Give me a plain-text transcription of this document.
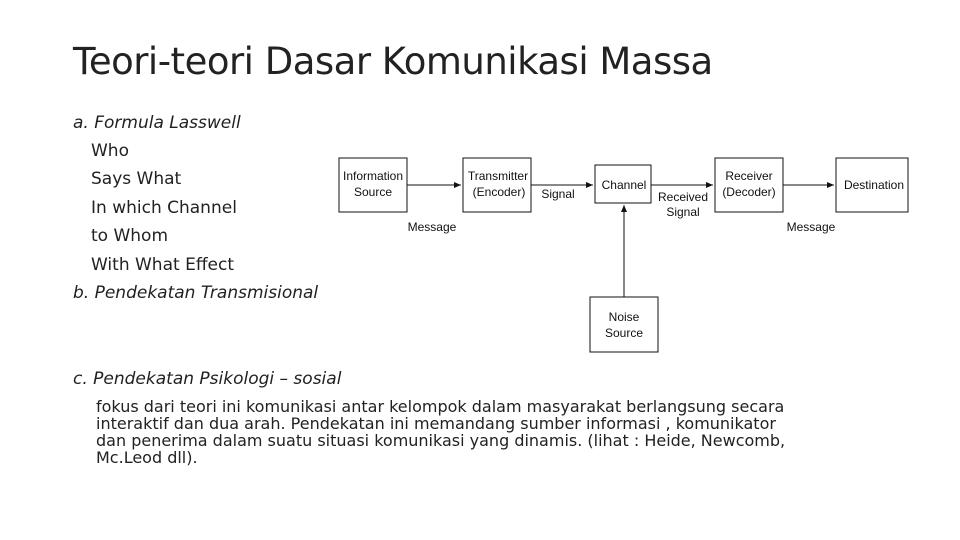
Teori-teori Dasar Komunikasi Massa
a. Formula Lasswell
Who
Says What
In which Channel
to Whom
With What Effect
b. Pendekatan Transmisional
Information
Source
Transmitter
(Encoder)	Channel
Receiver
(Decoder)	Destination
Noise
Source
Message	Message
Signal	Received
Signal
c. Pendekatan Psikologi – sosial
fokus dari teori ini komunikasi antar kelompok dalam masyarakat berlangsung secara
interaktif dan dua arah. Pendekatan ini memandang sumber informasi , komunikator
dan penerima dalam suatu situasi komunikasi yang dinamis. (lihat : Heide, Newcomb,
Mc.Leod dll).
